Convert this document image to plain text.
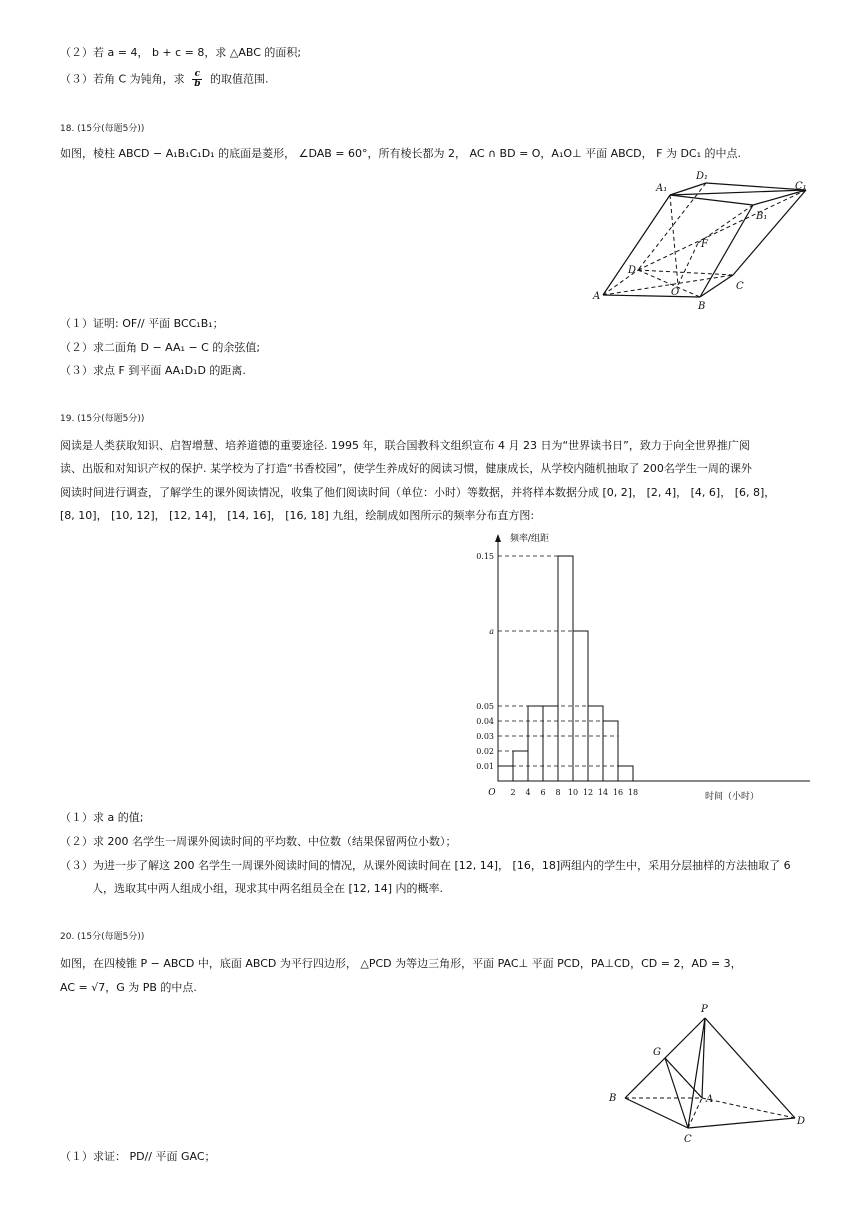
（２）若 a = 4， b + c = 8，求 △ABC 的面积;
（３）若角 C 为钝角，求 $\frac{c}{b}$ 的取值范围.
18. (15分(每题5分))
如图，棱柱 ABCD − A₁B₁C₁D₁ 的底面是菱形， ∠DAB = 60°，所有棱长都为 2， AC ∩ BD = O，A₁O⊥ 平面 ABCD， F 为 DC₁ 的中点.
A₁
D₁
C₁
B₁
F
D
O
A
B
C
（１）证明: OF// 平面 BCC₁B₁；
（２）求二面角 D − AA₁ − C 的余弦值;
（３）求点 F 到平面 AA₁D₁D 的距离.
19. (15分(每题5分))
阅读是人类获取知识、启智增慧、培养道德的重要途径. 1995 年，联合国教科文组织宣布 4 月 23 日为“世界读书日”，致力于向全世界推广阅
读、出版和对知识产权的保护. 某学校为了打造“书香校园”，使学生养成好的阅读习惯，健康成长，从学校内随机抽取了 200名学生一周的课外
阅读时间进行调查，了解学生的课外阅读情况，收集了他们阅读时间（单位：小时）等数据，并将样本数据分成 [0, 2]， [2, 4]， [4, 6]， [6, 8]，
[8, 10]， [10, 12]， [12, 14]， [14, 16]， [16, 18] 九组，绘制成如图所示的频率分布直方图:
0.01
0.02
0.03
0.04
0.05
a
0.15
2 4 6 8 10 12 14 16 18
O
频率/组距
时间（小时）
（１）求 a 的值;
（２）求 200 名学生一周课外阅读时间的平均数、中位数（结果保留两位小数）；
（３）为进一步了解这 200 名学生一周课外阅读时间的情况，从课外阅读时间在 [12, 14]， [16，18]两组内的学生中，采用分层抽样的方法抽取了 6
人，选取其中两人组成小组，现求其中两名组员全在 [12, 14] 内的概率.
20. (15分(每题5分))
如图，在四棱锥 P − ABCD 中，底面 ABCD 为平行四边形， △PCD 为等边三角形，平面 PAC⊥ 平面 PCD，PA⊥CD，CD = 2，AD = 3，
AC = √7，G 为 PB 的中点.
P
G
B	A
C
D
（１）求证： PD// 平面 GAC；
